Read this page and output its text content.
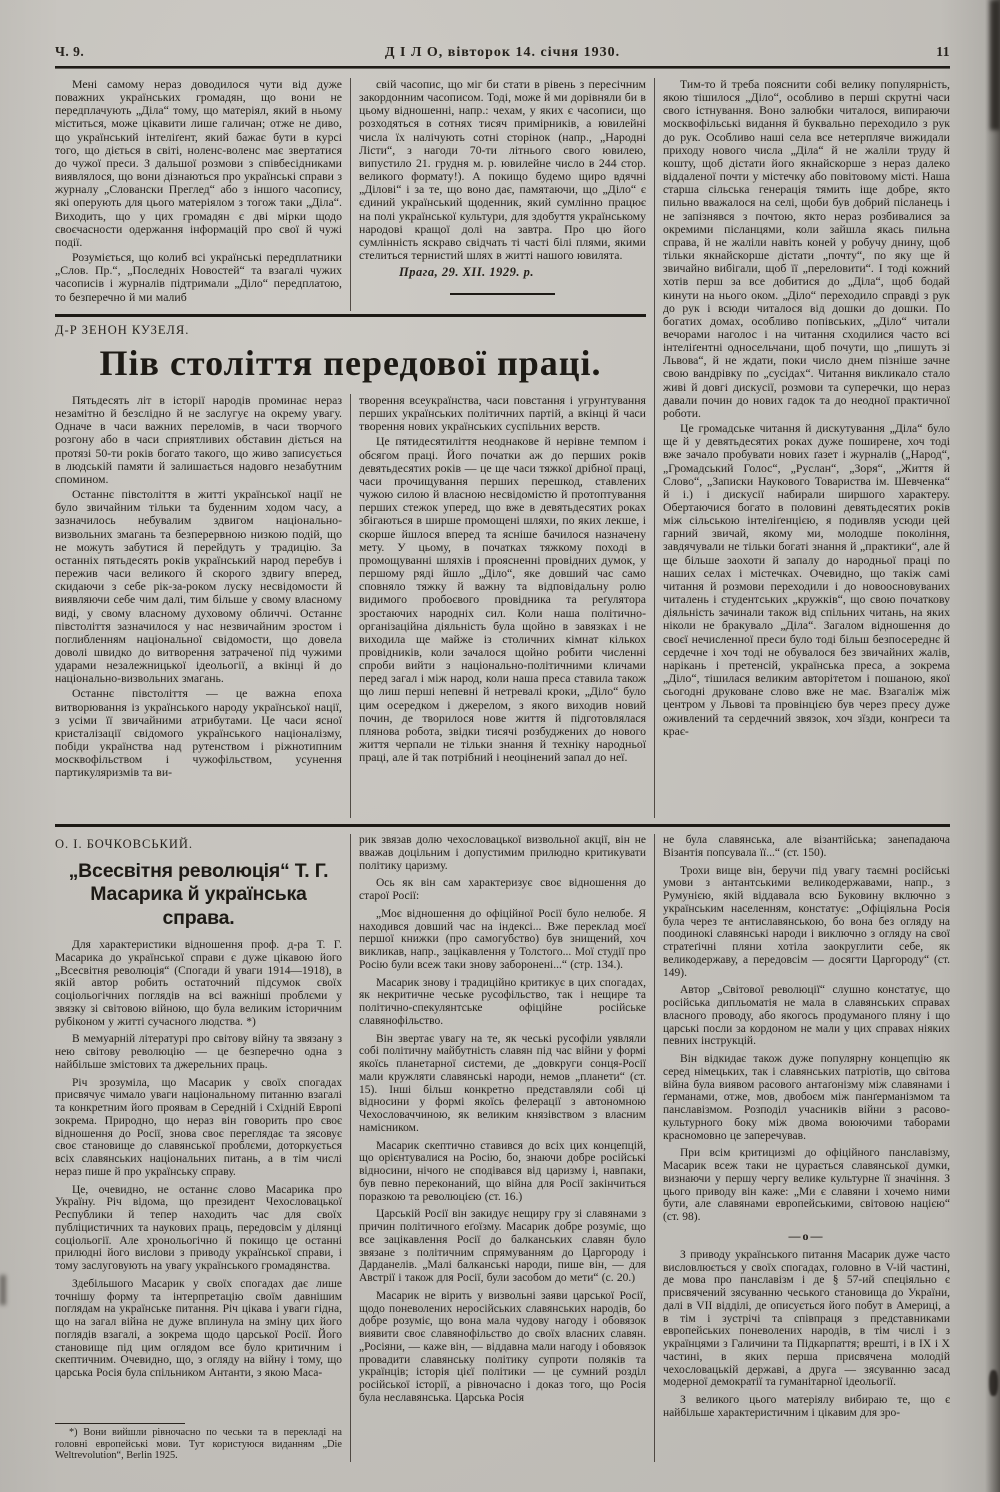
Ч. 9.	Д І Л О, вівторок 14. січня 1930.	11

Мені самому нераз доводилося чути від дуже поважних українських громадян, що вони не передплачують „Діла“ тому, що матеріял, який в ньому міститься, може цікавити лише галичан; отже не диво, що український інтеліґент, який бажає бути в курсі того, що діється в світі, ноленс-воленс має звертатися до чужої преси. З дальшої розмови з співбесідниками виявлялося, що вони дізнаються про українські справи з журналу „Словански Преглед“ або з іншого часопису, які оперують для цього матеріялом з тогож таки „Діла“. Виходить, що у цих громадян є дві мірки щодо своєчасности одержання інформацій про свої й чужі події.

Розуміється, що колиб всі українські передплатники „Слов. Пр.“, „Последніх Новостей“ та взагалі чужих часописів і журналів підтримали „Діло“ передплатою, то безперечно й ми малиб

свій часопис, що міг би стати в рівень з пересічним закордонним часописом. Тоді, може й ми дорівняли би в цьому відношенні, напр.: чехам, у яких є часописи, що розходяться в сотнях тисяч примірників, а ювилейні числа їх налічують сотні сторінок (напр., „Народні Лісти“, з нагоди 70-ти літнього свого ювилею, випустило 21. грудня м. р. ювилейне число в 244 стор. великого формату!). А покищо будемо щиро вдячні „Ділові“ і за те, що воно дає, памятаючи, що „Діло“ є єдиний український щоденник, який сумлінно працює на полі української культури, для здобуття українському народові кращої долі на завтра. Про цю його сумлінність яскраво свідчать ті часті білі плями, якими стелиться тернистий шлях в житті нашого ювилята.

Прага, 29. XII. 1929. р.

Д-Р ЗЕНОН КУЗЕЛЯ.
Пів століття передової праці.

Пятьдесять літ в історії народів проминає нераз незамітно й безслідно й не заслугує на окрему увагу. Одначе в часи важних переломів, в часи творчого розгону або в часи сприятливих обставин діється на протязі 50-ти років богато такого, що живо записується в людській памяти й залишається надовго незабутним спомином.

Останнє півстоліття в житті української нації не було звичайним тільки та буденним ходом часу, а зазначилось небувалим здвигом національно-визвольних змагань та безперервною низкою подій, що не можуть забутися й перейдуть у традицію. За останніх пятьдесять років український народ перебув і пережив часи великого й скорого здвигу вперед, скидаючи з себе рік-за-роком луску несвідомости й виявляючи себе чим далі, тим більше у свому власному виді, у свому власному духовому обличчі. Останнє півстоліття зазначилося у нас незвичайним зростом і поглибленням національної свідомости, що довела доволі швидко до витворення затраченої під чужими ударами незалежницької ідеольогії, а вкінці й до національно-визвольних змагань.

Останнє півстоліття — це важна епоха витворювання із українського народу української нації, з усіми її звичайними атрибутами. Це часи ясної кристалізації свідомого українського націоналізму, побіди українства над рутенством і ріжнотипним москвофільством і чужофільством, усунення партикуляризмів та ви-

творення всеукраїнства, часи повстання і угрунтування перших українських політичних партій, а вкінці й часи творення нових українських суспільних верств.

Це пятидесятиліття неоднакове й нерівне темпом і обсягом праці. Його початки аж до перших років девятьдесятих років — це ще часи тяжкої дрібної праці, часи прочищування перших перешкод, ставлених чужою силою й власною несвідомістю й протоптування перших стежок уперед, що вже в девятьдесятих роках збігаються в ширше промощені шляхи, по яких лекше, і скорше йшлося вперед та ясніше бачилося назначену мету. У цьому, в початках тяжкому поході в промощуванні шляхів і проясненні провідних думок, у першому ряді йшло „Діло“, яке довший час само сповняло тяжку й важну та відповідальну ролю видимого пробоєвого провідника та реґулятора зростаючих народніх сил. Коли наша політично-організаційна діяльність була щойно в завязках і не виходила ще майже із столичних кімнат кількох провідників, коли зачалося щойно робити численні спроби вийти з національно-політичними кличами перед загал і між народ, коли наша преса ставила також що лиш перші непевні й нетревалі кроки, „Діло“ було цим осередком і джерелом, з якого виходив новий почин, де творилося нове життя й підготовлялася плянова робота, звідки тисячі розбуджених до нового життя черпали не тільки знання й техніку народньої праці, але й так потрібний і неоцінений запал до неї.

Тим-то й треба пояснити собі велику популярність, якою тішилося „Діло“, особливо в перші скрутні часи свого істнування. Воно залюбки читалося, випираючи москвофільські видання й буквально переходило з рук до рук. Особливо наші села все нетерпляче вижидали приходу нового числа „Діла“ й не жаліли труду й кошту, щоб дістати його якнайскорше з нераз далеко віддаленої почти у містечку або повітовому місті. Наша старша сільська генерація тямить іще добре, якто пильно вважалося на селі, щоби був добрий післанець і не запізнявся з почтою, якто нераз розбивалися за окремими післанцями, коли зайшла якась пильна справа, й не жаліли навіть коней у робучу днину, щоб тільки якнайскорше дістати „почту“, по яку ще й звичайно вибігали, щоб її „переловити“. І тоді кожний хотів перш за все добитися до „Діла“, щоб бодай кинути на нього оком. „Діло“ переходило справді з рук до рук і всюди читалося від дошки до дошки. По богатих домах, особливо попівських, „Діло“ читали вечорами наголос і на читання сходилися часто всі інтеліґентні односельчани, щоб почути, що „пишуть зі Львова“, й не ждати, поки число днем пізніше зачне свою вандрівку по „сусідах“. Читання викликало стало живі й довгі дискусії, розмови та суперечки, що нераз давали почин до нових гадок та до неодної практичної роботи.

Це громадське читання й дискутування „Діла“ було ще й у девятьдесятих роках дуже поширене, хоч тоді вже зачало пробувати нових ґазет і журналів („Народ“, „Громадський Голос“, „Руслан“, „Зоря“, „Життя й Слово“, „Записки Наукового Товариства ім. Шевченка“ й і.) і дискусії набирали ширшого характеру. Обертаючися богато в половині девятьдесятих років між сільською інтеліґенцією, я подивляв усюди цей гарний звичай, якому ми, молодше покоління, завдячували не тільки богаті знання й „практики“, але й ще більше заохоти й запалу до народньої праці по наших селах і містечках. Очевидно, що такіж самі читання й розмови переходили і до новоосновуваних читалень і студентських „кружків“, що свою початкову діяльність зачинали також від спільних читань, на яких ніколи не бракувало „Діла“. Загалом відношення до своєї нечисленної преси було тоді більш безпосереднє й сердечне і хоч тоді не обувалося без звичайних жалів, нарікань і претенсій, українська преса, а зокрема „Діло“, тішилася великим авторітетом і пошаною, якої сьогодні друковане слово вже не має. Взагаліж між центром у Львові та провінцією був через пресу дуже оживлений та сердечний звязок, хоч зїзди, конґреси та крає-

О. І. БОЧКОВСЬКИЙ.
„Всесвітня революція“ Т. Г. Масарика й українська справа.

Для характеристики відношення проф. д-ра Т. Г. Масарика до української справи є дуже цікавою його „Всесвітня революція“ (Спогади й уваги 1914—1918), в якій автор робить остаточний підсумок своїх соціольогічних поглядів на всі важніші проблєми у звязку зі світовою війною, що була великим історичним рубіконом у житті сучасного людства. *)

В мемуарній літературі про світову війну та звязану з нею світову революцію — це безперечно одна з найбільше змістових та джерельних праць.

Річ зрозуміла, що Масарик у своїх спогадах присвячує чимало уваги національному питанню взагалі та конкретним його проявам в Середній і Східній Европі зокрема. Природно, що нераз він говорить про своє відношення до Росії, знова своє переглядає та зясовує своє становище до славянської проблєми, доторкується всіх славянських національних питань, а в тім числі нераз пише й про українську справу.

Це, очевидно, не останнє слово Масарика про Україну. Річ відома, що президент Чехословацької Республики й тепер находить час для своїх публіцистичних та наукових праць, передовсім у ділянці соціольогії. Але хронольогічно й покищо це останні прилюдні його вислови з приводу української справи, і тому заслуговують на увагу українського громадянства.

Здебільшого Масарик у своїх спогадах дає лише точнішу форму та інтерпретацію своїм давнішим поглядам на українське питання. Річ цікава і уваги гідна, що на загал війна не дуже вплинула на зміну цих його поглядів взагалі, а зокрема щодо царської Росії. Його становище під цим оглядом все було критичним і скептичним. Очевидно, що, з огляду на війну і тому, що царська Росія була спільником Антанти, з якою Маса-

*) Вони вийшли рівночасно по чеськи та в перекладі на головні европейські мови. Тут користуюся виданням „Die Weltrevolution“, Berlin 1925.

рик звязав долю чехословацької визвольної акції, він не вважав доцільним і допустимим прилюдно критикувати політику царизму.

Ось як він сам характеризує своє відношення до старої Росії:

„Моє відношення до офіційної Росії було нелюбе. Я находився довший час на індексі... Вже переклад моєї першої книжки (про самогубство) був знищений, хоч викликав, напр., зацікавлення у Толстого... Мої студії про Росію були всеж таки знову заборонені...“ (стр. 134.).

Масарик знову і традиційно критикує в цих спогадах, як некритичне чеське русофільство, так і нещире та політично-спекулянтське офіційне російське славянофільство.

Він звертає увагу на те, як чеські русофіли уявляли собі політичну майбутність славян під час війни у формі якоїсь планетарної системи, де „довкруги сонця-Росії мали кружляти славянські народи, немов „планети“ (ст. 15). Інші більш конкретно представляли собі ці відносини у формі якоїсь фелерації з автономною Чехословаччиною, як великим князівством з власним намісником.

Масарик скептично ставився до всіх цих концепцій, що орієнтувалися на Росію, бо, знаючи добре російські відносини, нічого не сподівався від царизму і, навпаки, був певно переконаний, що війна для Росії закінчиться поразкою та революцією (ст. 16.)

Царській Росії він закидує нещиру гру зі славянами з причин політичного еґоїзму. Масарик добре розуміє, що все зацікавлення Росії до балканських славян було звязане з політичним спрямуванням до Царгороду і Дарданелів. „Малі балканські народи, пише він, — для Австрії і також для Росії, були засобом до мети“ (с. 20.)

Масарик не вірить у визвольні заяви царської Росії, щодо поневолених неросійських славянських народів, бо добре розуміє, що вона мала чудову нагоду і обовязок виявити своє славянофільство до своїх власних славян. „Росіяни, — каже він, — віддавна мали нагоду і обовязок провадити славянську політику супроти поляків та українців; історія цієї політики — це сумний розділ російської історії, а рівночасно і доказ того, що Росія була неславянська. Царська Росія

не була славянська, але візантійська; занепадаюча Візантія попсувала її...“ (ст. 150).

Трохи вище він, беручи під увагу таємні російські умови з антантськими великодержавами, напр., з Румунією, якій віддавала всю Буковину включно з українським населенням, констатує: „Офіціяльна Росія була через те антиславянською, бо вона без огляду на поодинокі славянські народи і виключно з огляду на свої стратеґічні пляни хотіла заокруглити себе, як великодержаву, а передовсім — досягти Царгороду“ (ст. 149).

Автор „Світової революції“ слушно констатує, що російська дипльоматія не мала в славянських справах власного проводу, або якогось продуманого пляну і що царські посли за кордоном не мали у цих справах ніяких певних інструкцій.

Він відкидає також дуже популярну концепцію як серед німецьких, так і славянських патріотів, що світова війна була виявом расового антаґонізму між славянами і ґерманами, отже, мов, двобоєм між панґерманізмом та панславізмом. Розподіл учасників війни з расово-культурного боку між двома воюючими таборами красномовно це заперечував.

При всім критицизмі до офіційного панславізму, Масарик всеж таки не цурається славянської думки, визнаючи у першу чергу велике культурне її значіння. З цього приводу він каже: „Ми є славяни і хочемо ними бути, але славянами европейськими, світовою нацією“ (ст. 98).

—о—

З приводу українського питання Масарик дуже часто висловлюється у своїх спогадах, головно в V-ій частині, де мова про панславізм і де § 57-ий спеціяльно є присвячений зясуванню чеського становища до України, далі в VII відділі, де описується його побут в Америці, а в тім і зустрічі та співпраця з представниками европейських поневолених народів, в тім числі і з українцями з Галичини та Підкарпаття; врешті, і в IX і X частині, в яких перша присвячена молодій чехословацькій державі, а друга — зясуванню засад модерної демократії та гуманітарної ідеольогії.

З великого цього матеріялу вибираю те, що є найбільше характеристичним і цікавим для зро-
